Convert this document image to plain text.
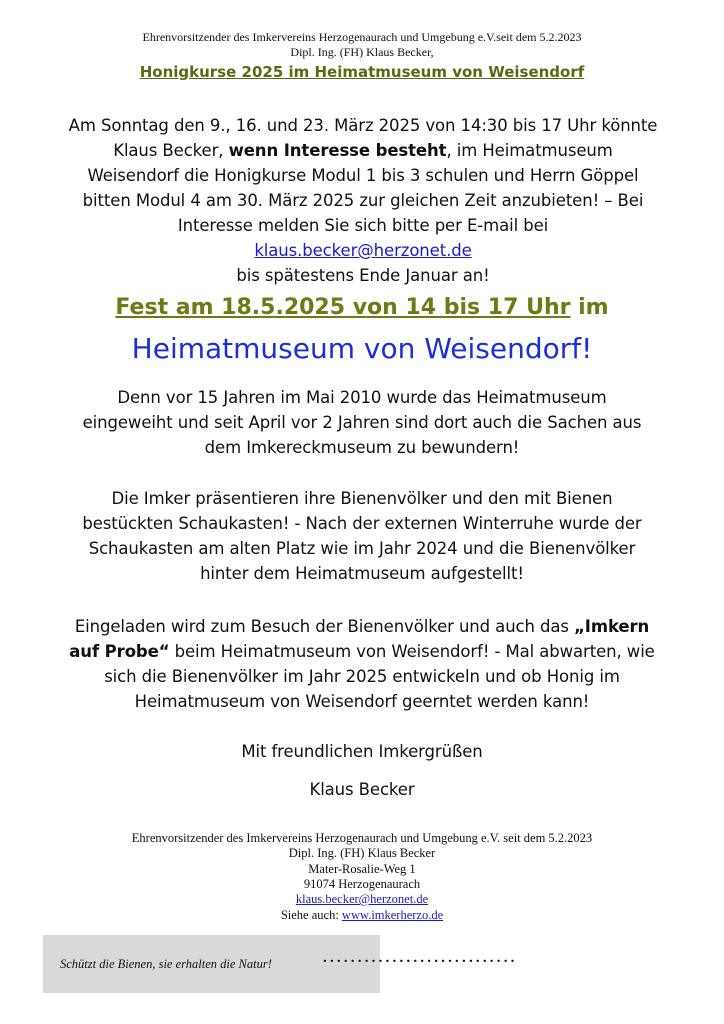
Ehrenvorsitzender des Imkervereins Herzogenaurach und Umgebung e.V.seit dem 5.2.2023
Dipl. Ing. (FH) Klaus Becker,
Honigkurse 2025 im Heimatmuseum von Weisendorf

Am Sonntag den 9., 16. und 23. März 2025 von 14:30 bis 17 Uhr könnte Klaus Becker, wenn Interesse besteht, im Heimatmuseum Weisendorf die Honigkurse Modul 1 bis 3 schulen und Herrn Göppel bitten Modul 4 am 30. März 2025 zur gleichen Zeit anzubieten! – Bei Interesse melden Sie sich bitte per E-mail bei klaus.becker@herzonet.de

bis spätestens Ende Januar an!

Fest am 18.5.2025 von 14 bis 17 Uhr im
Heimatmuseum von Weisendorf!
Denn vor 15 Jahren im Mai 2010 wurde das Heimatmuseum eingeweiht und seit April vor 2 Jahren sind dort auch die Sachen aus dem Imkereckmuseum zu bewundern!
Die Imker präsentieren ihre Bienenvölker und den mit Bienen bestückten Schaukasten! - Nach der externen Winterruhe wurde der Schaukasten am alten Platz wie im Jahr 2024 und die Bienenvölker hinter dem Heimatmuseum aufgestellt!
Eingeladen wird zum Besuch der Bienenvölker und auch das „Imkern auf Probe“ beim Heimatmuseum von Weisendorf! - Mal abwarten, wie sich die Bienenvölker im Jahr 2025 entwickeln und ob Honig im Heimatmuseum von Weisendorf geerntet werden kann!
Mit freundlichen Imkergrüßen
Klaus Becker
Ehrenvorsitzender des Imkervereins Herzogenaurach und Umgebung e.V. seit dem 5.2.2023
Dipl. Ing. (FH) Klaus Becker
Mater-Rosalie-Weg 1
91074 Herzogenaurach
klaus.becker@herzonet.de
Siehe auch: www.imkerherzo.de
Schützt die Bienen, sie erhalten die Natur!	............................
